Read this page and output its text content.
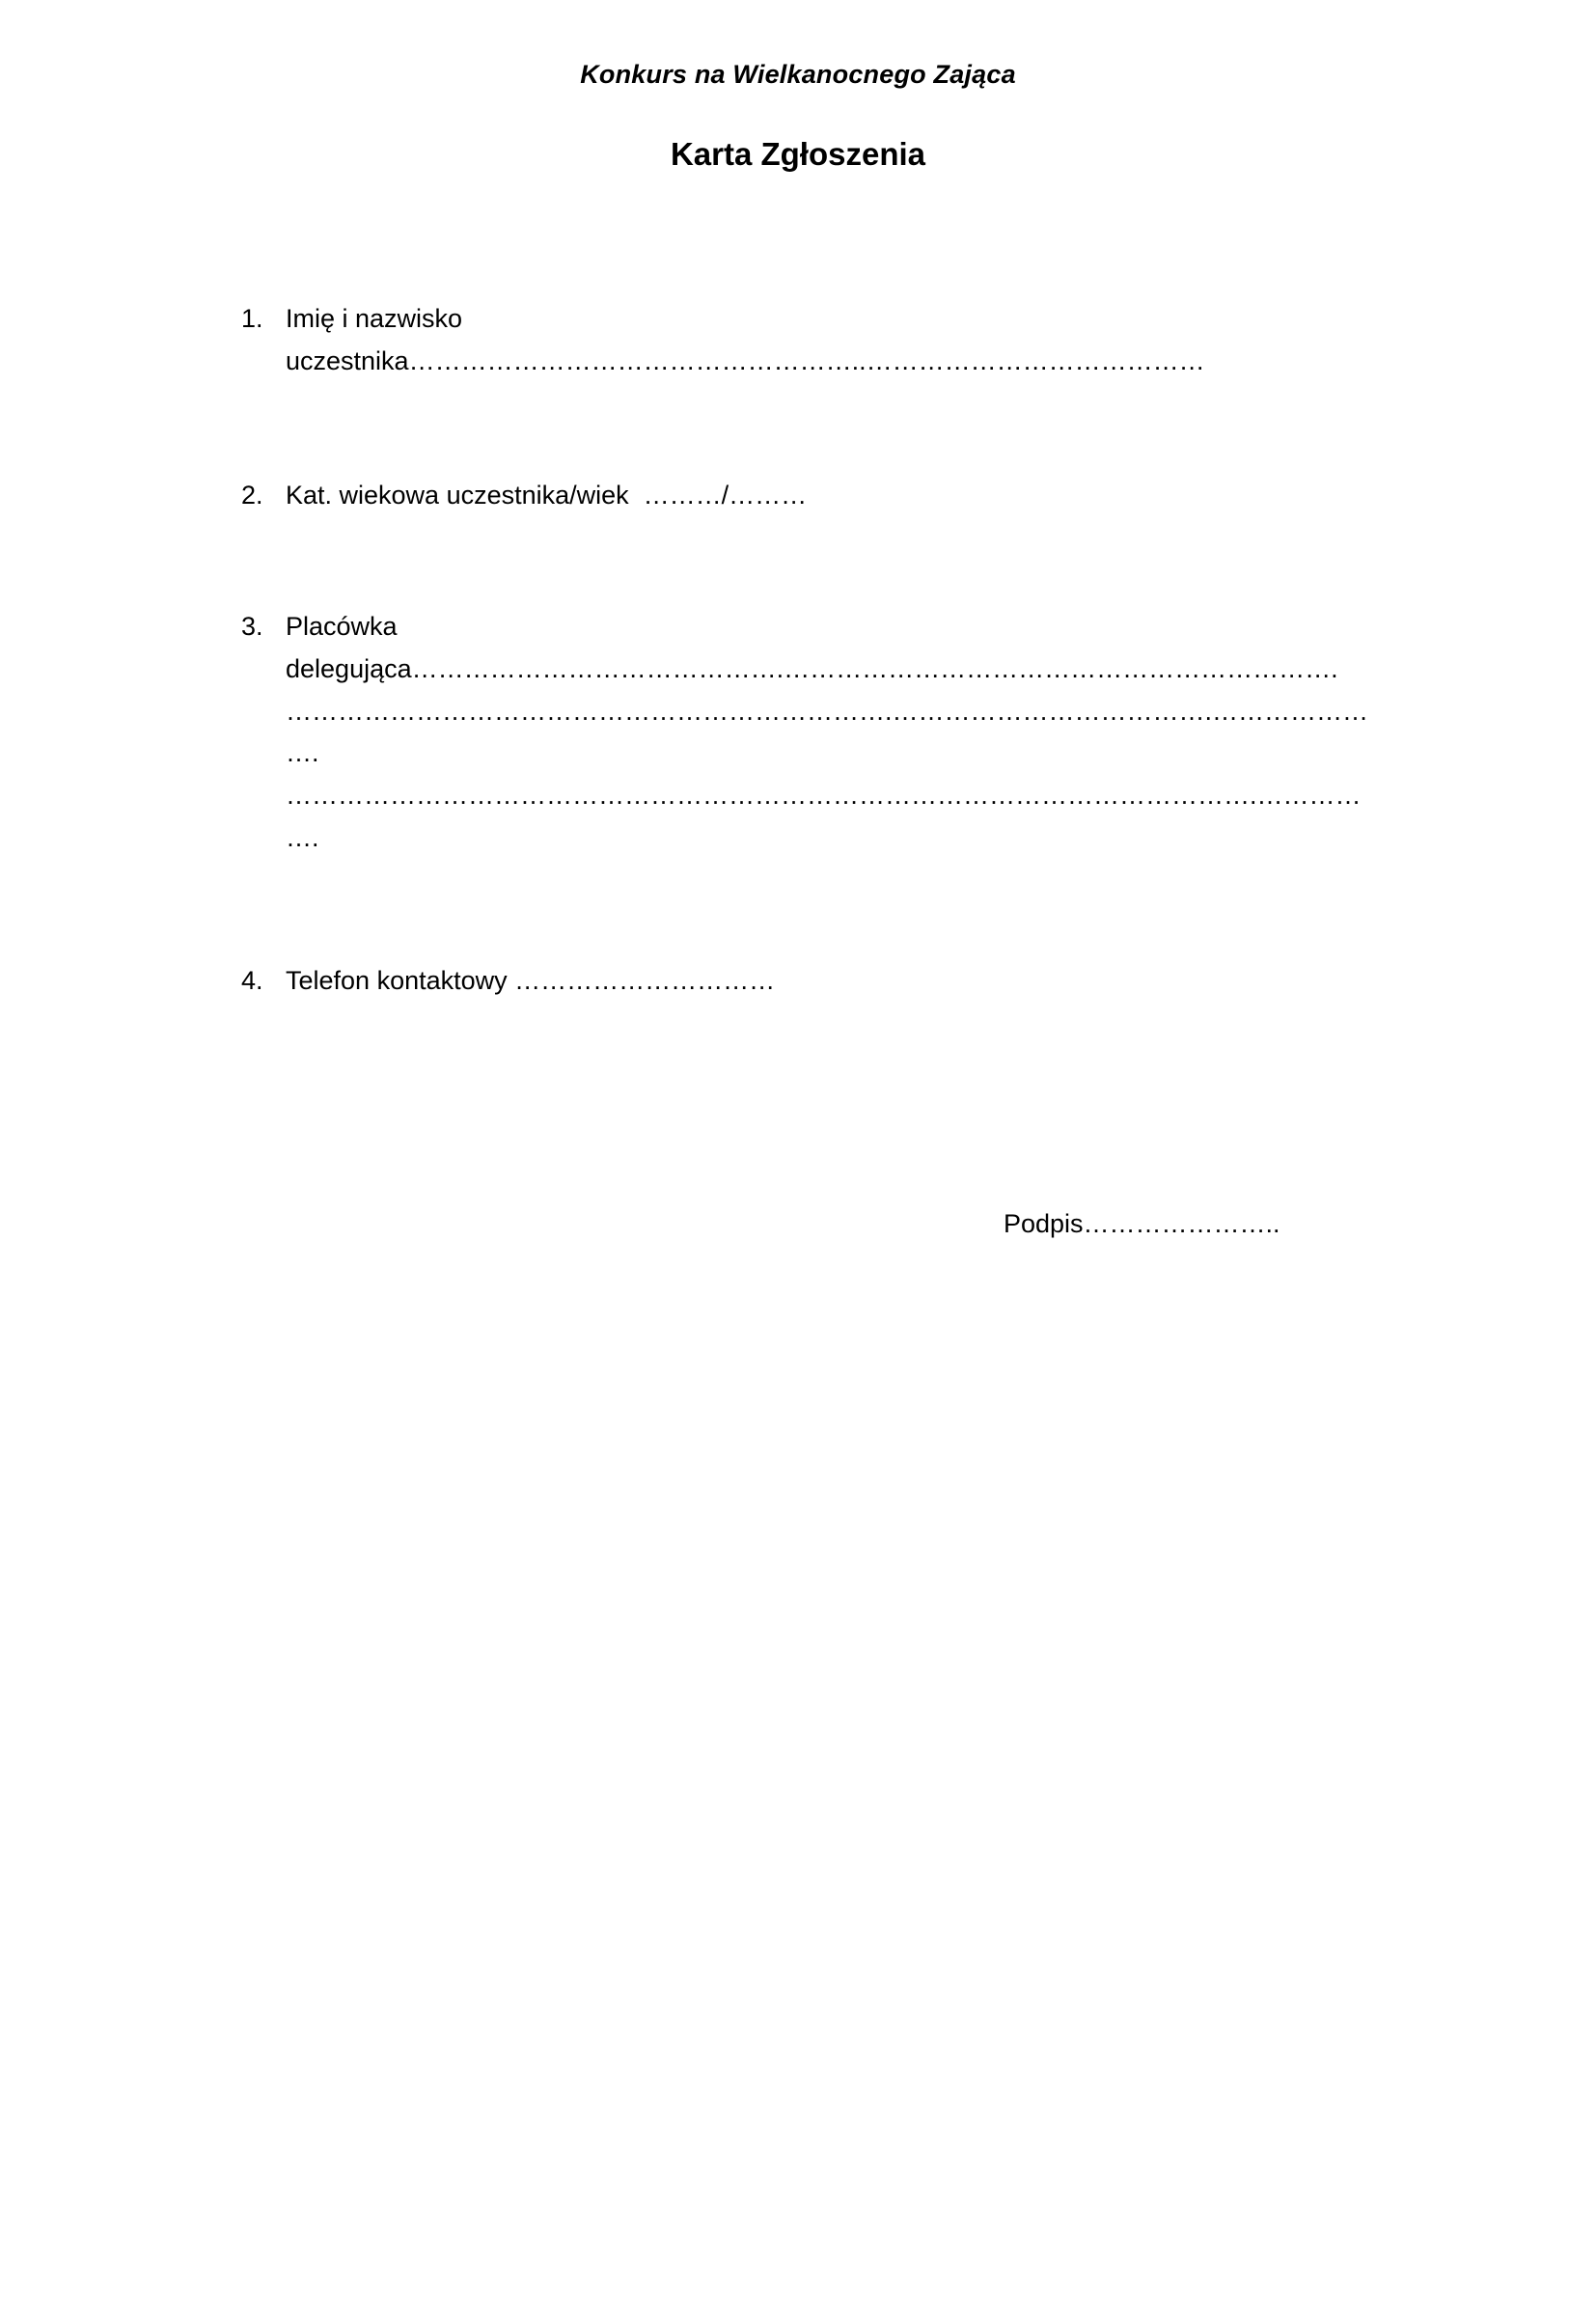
Konkurs na Wielkanocnego Zająca
Karta Zgłoszenia
1. Imię i nazwisko
uczestnika……………………………………………..…………………………………
2. Kat. wiekowa uczestnika/wiek  ………/………
3. Placówka
delegująca…………………………………….……………………………………………………….
…………………………………………………………….……………………………….………………….
………………………………………………………………………………………………….…………….
4. Telefon kontaktowy …………………………
Podpis…………………..
